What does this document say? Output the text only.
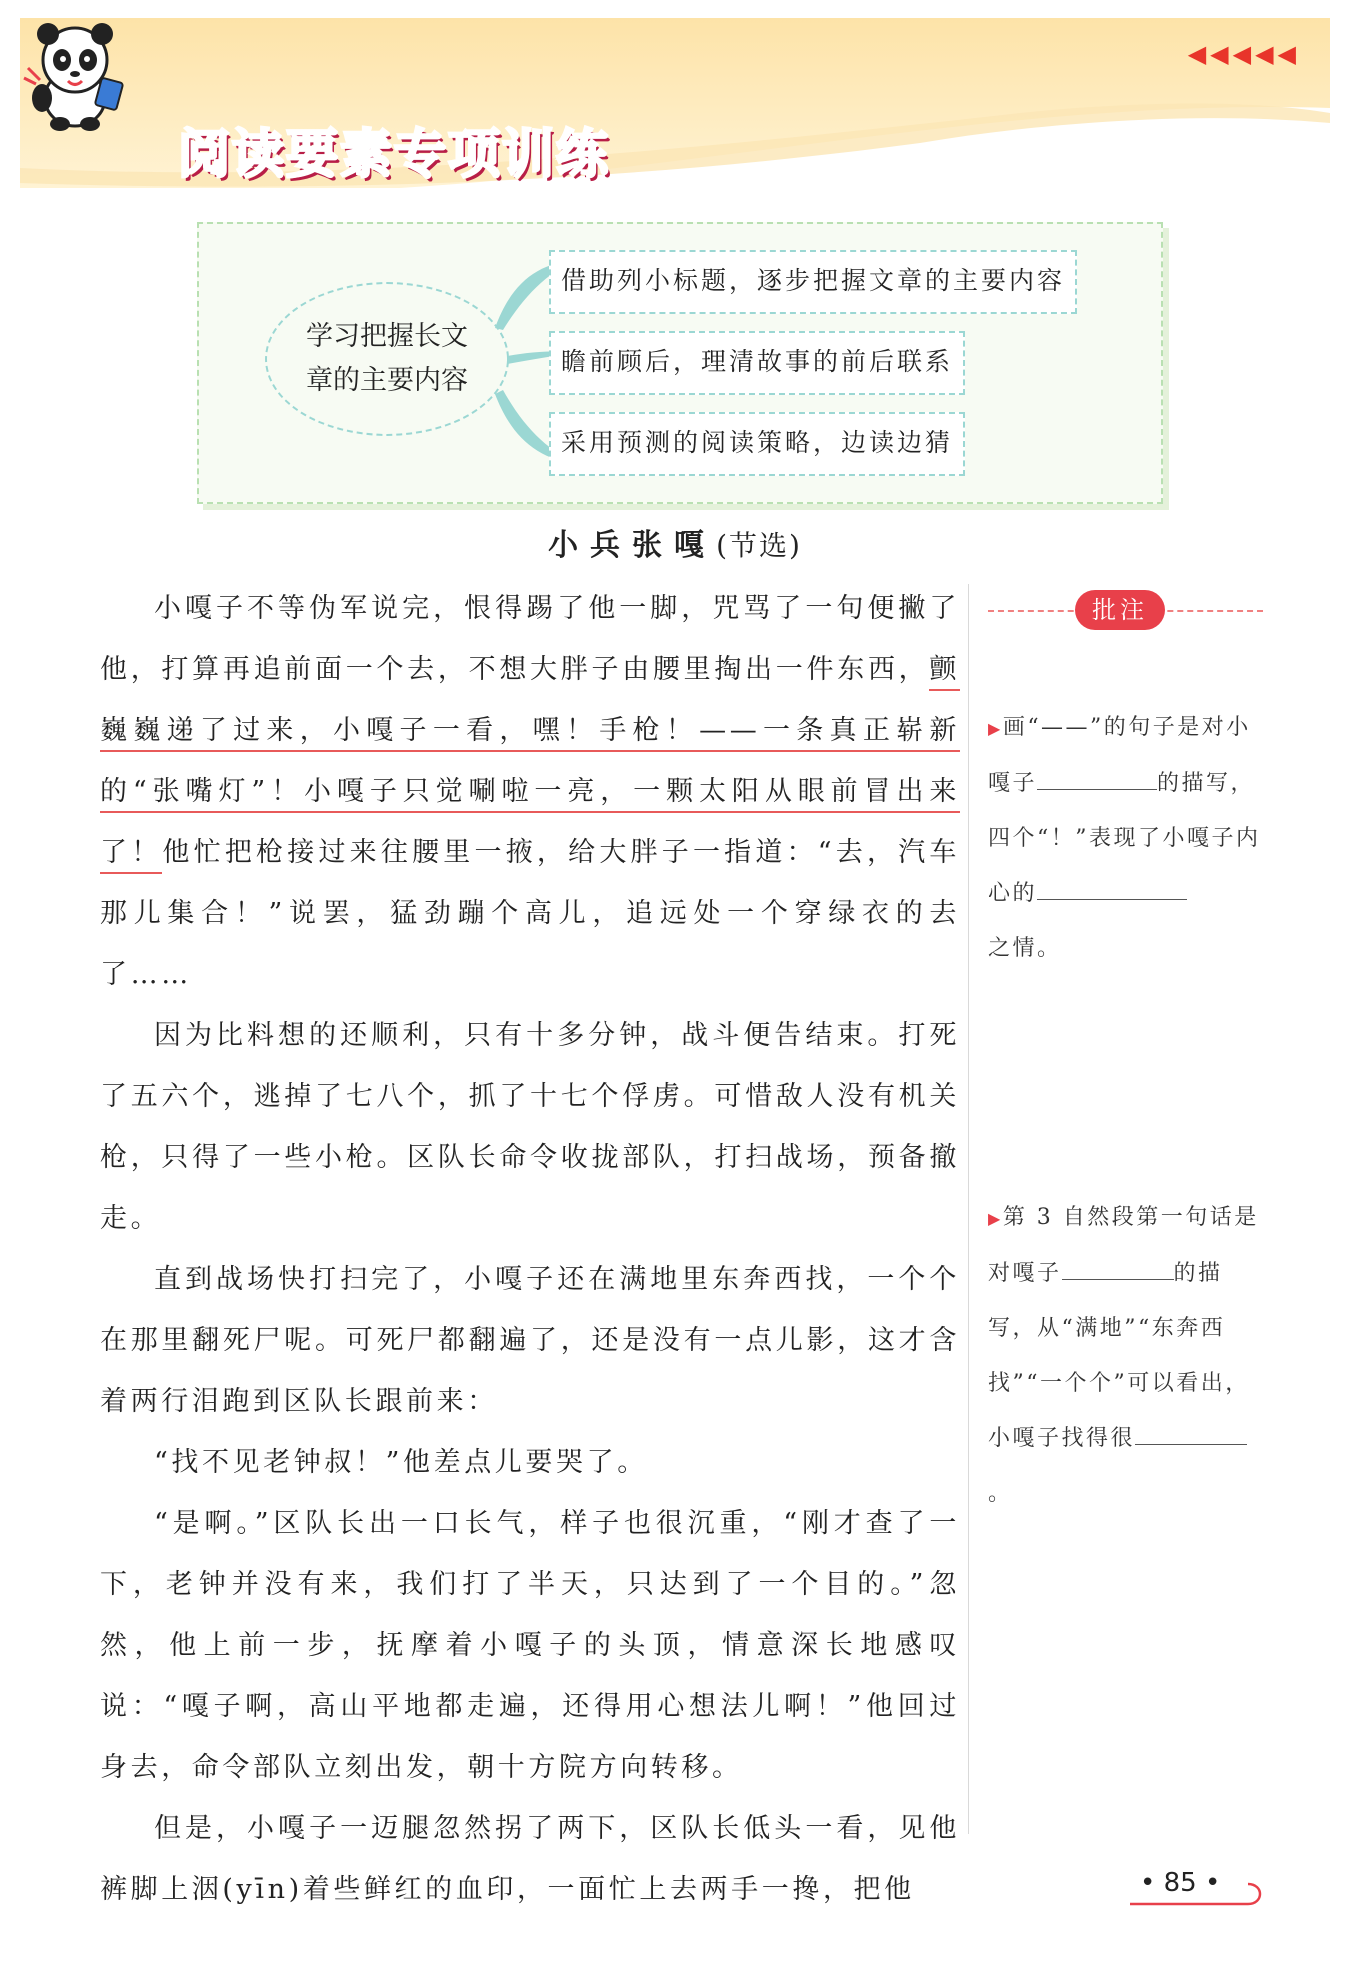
◀◀◀◀◀
阅读要素专项训练
学习把握长文
章的主要内容
借助列小标题，逐步把握文章的主要内容
瞻前顾后，理清故事的前后联系
采用预测的阅读策略，边读边猜
小兵张嘎(节选)

小嘎子不等伪军说完，恨得踢了他一脚，咒骂了一句便撇了他，打算再追前面一个去，不想大胖子由腰里掏出一件东西，颤巍巍递了过来，小嘎子一看，嘿！手枪！——一条真正崭新的“张嘴灯”！小嘎子只觉唰啦一亮，一颗太阳从眼前冒出来了！他忙把枪接过来往腰里一掖，给大胖子一指道：“去，汽车那儿集合！”说罢，猛劲蹦个高儿，追远处一个穿绿衣的去了……

因为比料想的还顺利，只有十多分钟，战斗便告结束。打死了五六个，逃掉了七八个，抓了十七个俘虏。可惜敌人没有机关枪，只得了一些小枪。区队长命令收拢部队，打扫战场，预备撤走。

直到战场快打扫完了，小嘎子还在满地里东奔西找，一个个在那里翻死尸呢。可死尸都翻遍了，还是没有一点儿影，这才含着两行泪跑到区队长跟前来：

“找不见老钟叔！”他差点儿要哭了。

“是啊。”区队长出一口长气，样子也很沉重，“刚才查了一下，老钟并没有来，我们打了半天，只达到了一个目的。”忽然，他上前一步，抚摩着小嘎子的头顶，情意深长地感叹说：“嘎子啊，高山平地都走遍，还得用心想法儿啊！”他回过身去，命令部队立刻出发，朝十方院方向转移。

但是，小嘎子一迈腿忽然拐了两下，区队长低头一看，见他裤脚上洇(yīn)着些鲜红的血印，一面忙上去两手一搀，把他

批注
▶画“——”的句子是对小嘎子	的描写，四个“！”表现了小嘎子内心的
之情。
▶第 3 自然段第一句话是对嘎子	的描写，从“满地”“东奔西找”“一个个”可以看出，小嘎子找得很。
• 85 •
